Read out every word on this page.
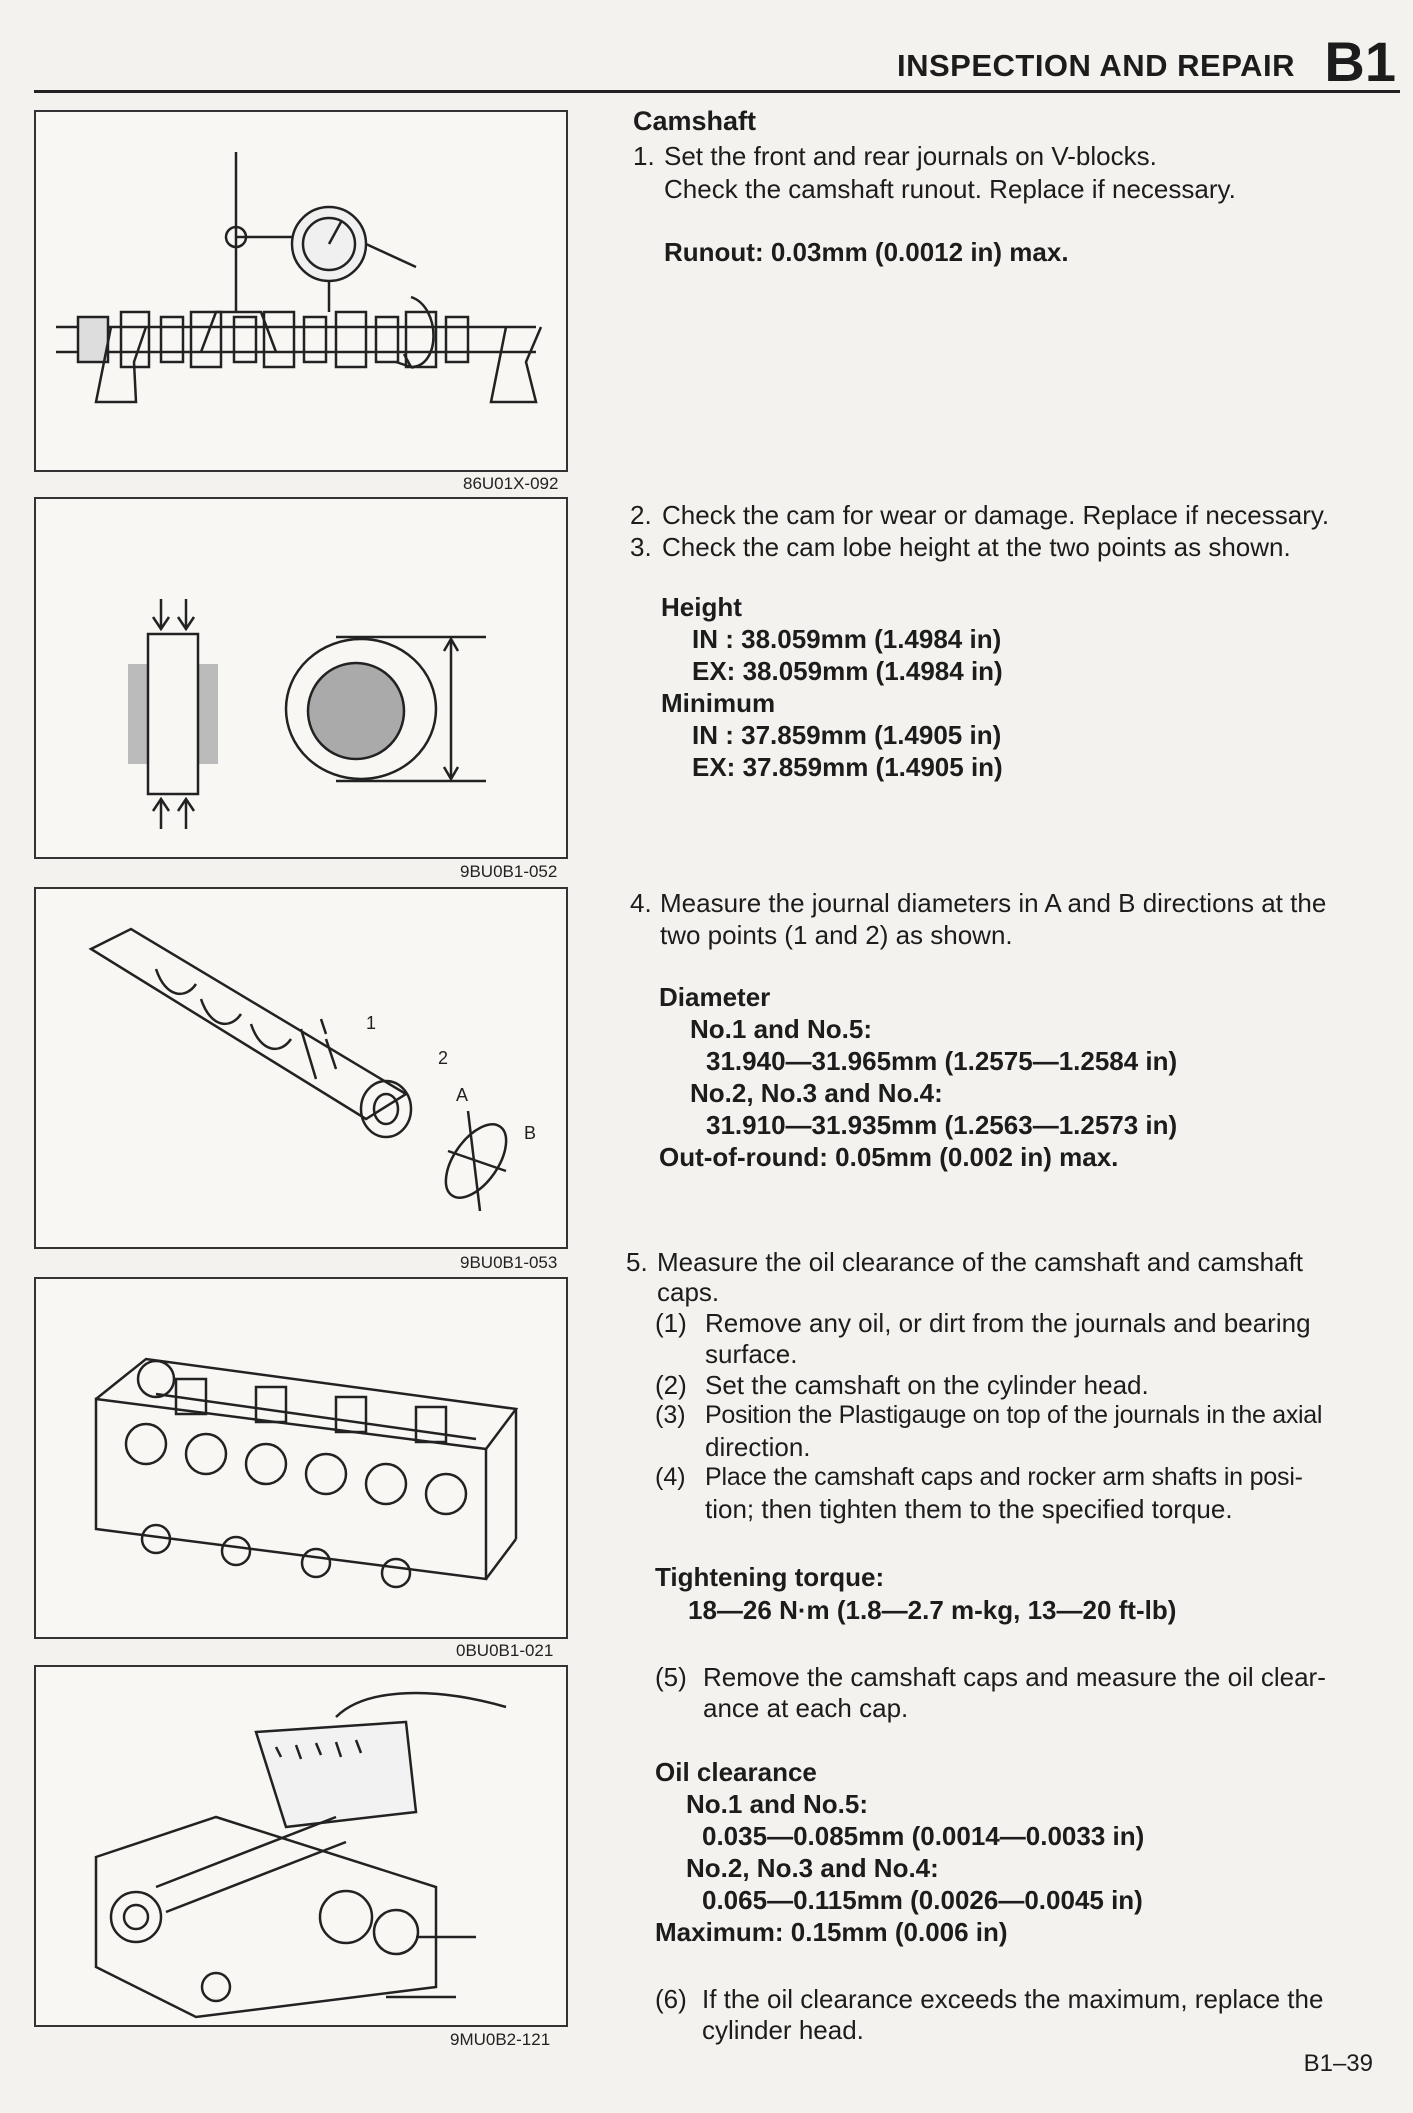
INSPECTION AND REPAIR B1
86U01X-092
9BU0B1-052
1
2
A
B
9BU0B1-053
0BU0B1-021
9MU0B2-121
Camshaft
1. Set the front and rear journals on V-blocks.
Check the camshaft runout. Replace if necessary.
Runout: 0.03mm (0.0012 in) max.
2. Check the cam for wear or damage. Replace if necessary.
3. Check the cam lobe height at the two points as shown.
Height
IN : 38.059mm (1.4984 in)
EX: 38.059mm (1.4984 in)
Minimum
IN : 37.859mm (1.4905 in)
EX: 37.859mm (1.4905 in)
4. Measure the journal diameters in A and B directions at the
two points (1 and 2) as shown.
Diameter
No.1 and No.5:
31.940—31.965mm (1.2575—1.2584 in)
No.2, No.3 and No.4:
31.910—31.935mm (1.2563—1.2573 in)
Out-of-round: 0.05mm (0.002 in) max.
5. Measure the oil clearance of the camshaft and camshaft
caps.
(1) Remove any oil, or dirt from the journals and bearing
surface.
(2) Set the camshaft on the cylinder head.
(3) Position the Plastigauge on top of the journals in the axial
direction.
(4) Place the camshaft caps and rocker arm shafts in posi-
tion; then tighten them to the specified torque.
Tightening torque:
18—26 N·m (1.8—2.7 m-kg, 13—20 ft-lb)
(5) Remove the camshaft caps and measure the oil clear-
ance at each cap.
Oil clearance
No.1 and No.5:
0.035—0.085mm (0.0014—0.0033 in)
No.2, No.3 and No.4:
0.065—0.115mm (0.0026—0.0045 in)
Maximum: 0.15mm (0.006 in)
(6) If the oil clearance exceeds the maximum, replace the
cylinder head.
B1–39
